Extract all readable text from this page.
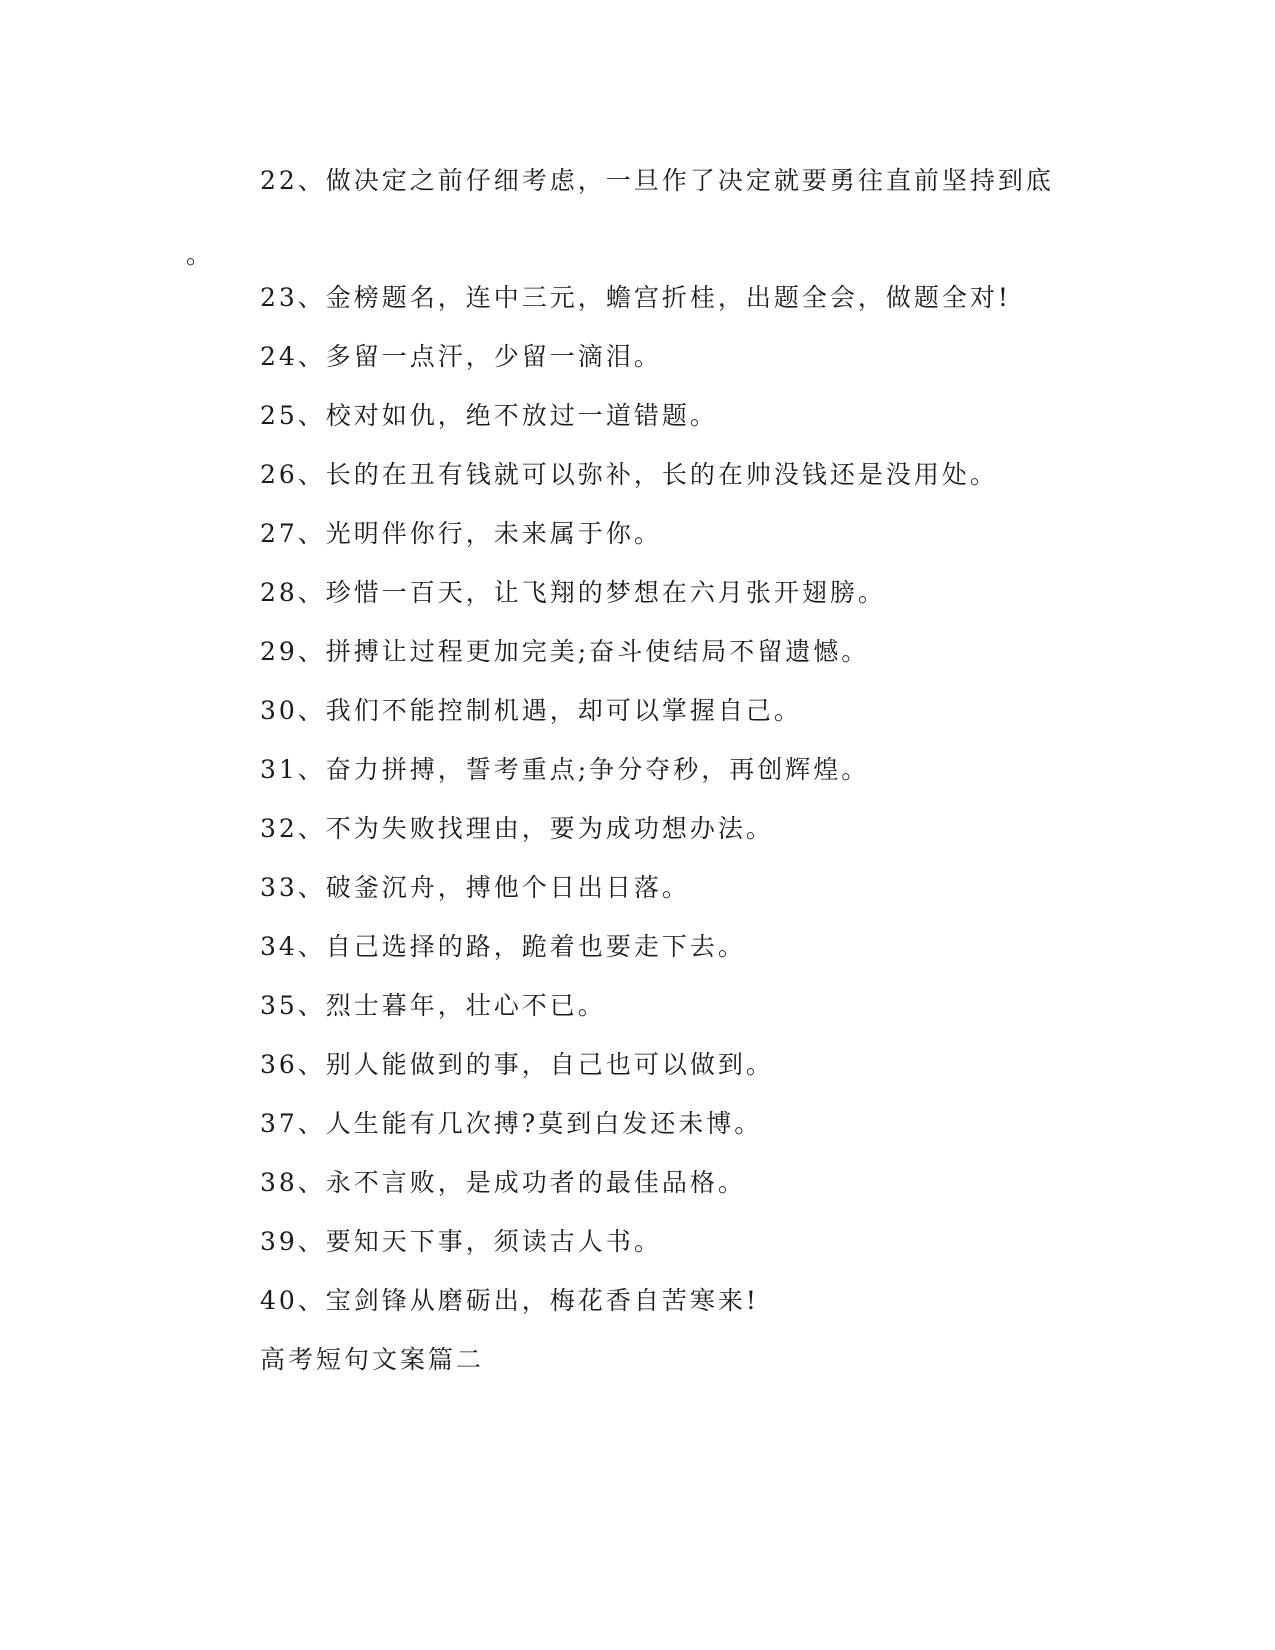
22、做决定之前仔细考虑，一旦作了决定就要勇往直前坚持到底
。
23、金榜题名，连中三元，蟾宫折桂，出题全会，做题全对!
24、多留一点汗，少留一滴泪。
25、校对如仇，绝不放过一道错题。
26、长的在丑有钱就可以弥补，长的在帅没钱还是没用处。
27、光明伴你行，未来属于你。
28、珍惜一百天，让飞翔的梦想在六月张开翅膀。
29、拼搏让过程更加完美;奋斗使结局不留遗憾。
30、我们不能控制机遇，却可以掌握自己。
31、奋力拼搏，誓考重点;争分夺秒，再创辉煌。
32、不为失败找理由，要为成功想办法。
33、破釜沉舟，搏他个日出日落。
34、自己选择的路，跪着也要走下去。
35、烈士暮年，壮心不已。
36、别人能做到的事，自己也可以做到。
37、人生能有几次搏?莫到白发还未博。
38、永不言败，是成功者的最佳品格。
39、要知天下事，须读古人书。
40、宝剑锋从磨砺出，梅花香自苦寒来!
高考短句文案篇二
